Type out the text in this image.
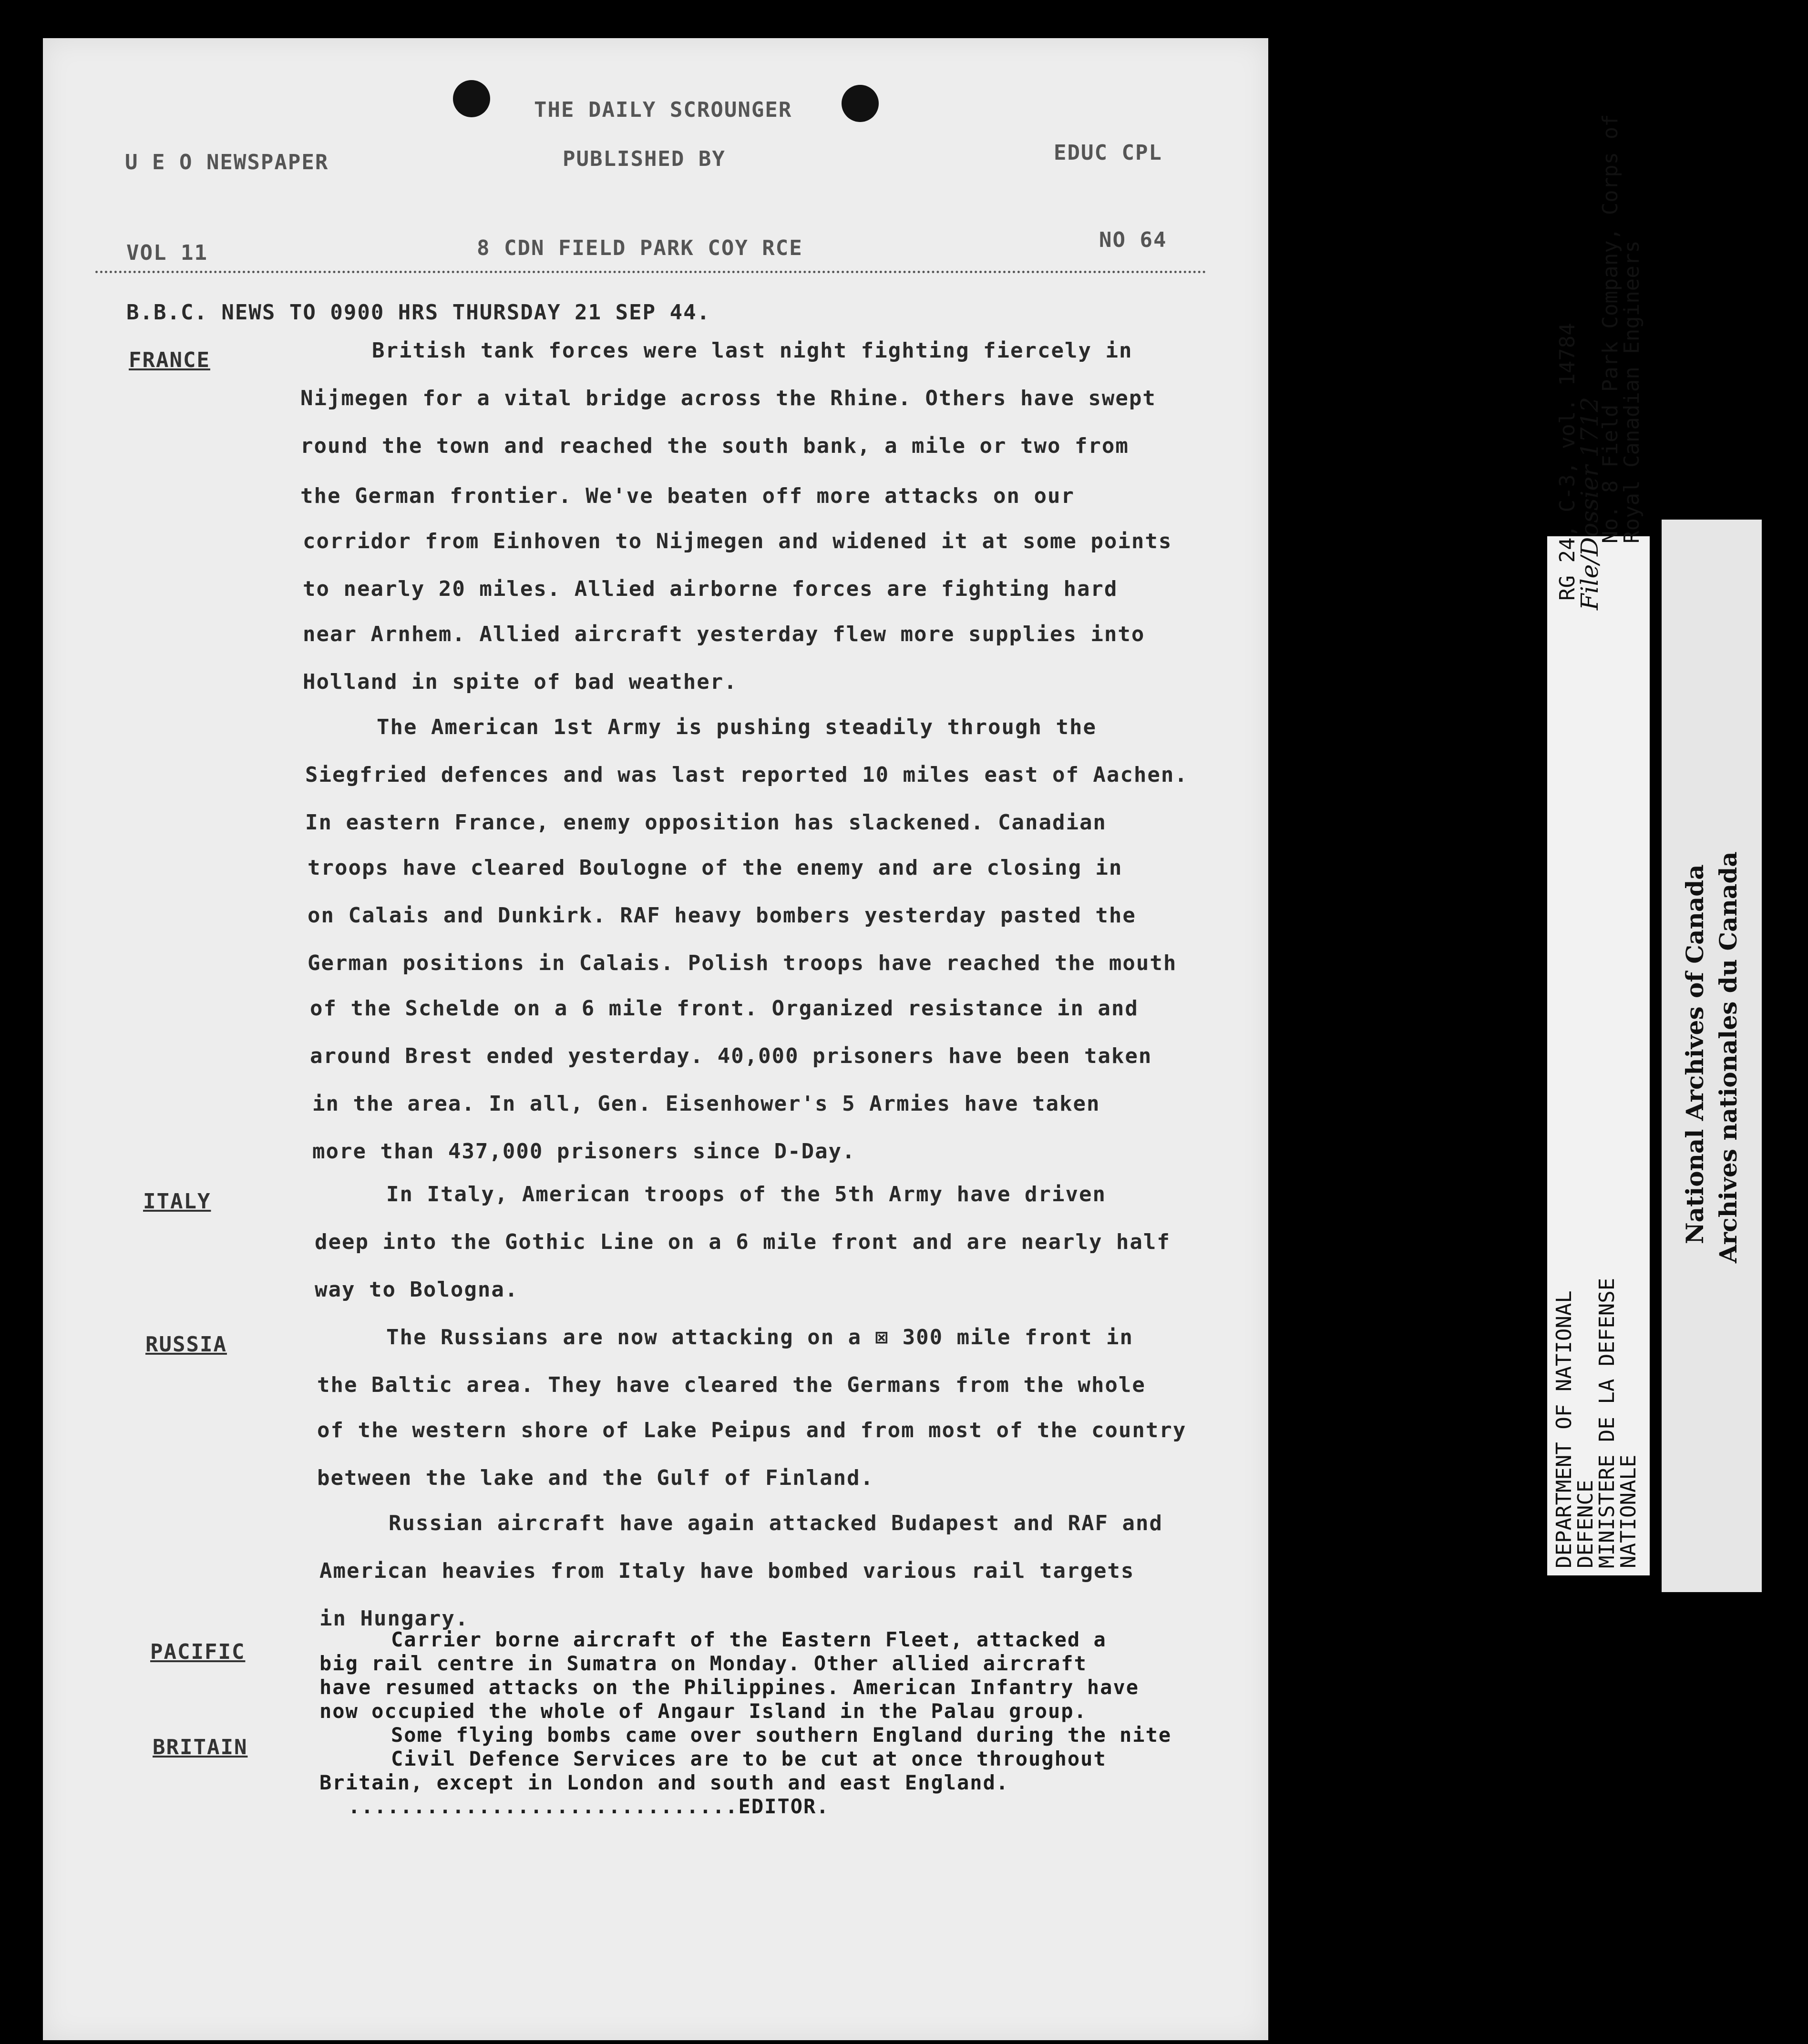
THE DAILY SCROUNGER
U E O NEWSPAPER	PUBLISHED BY	EDUC CPL
VOL 11	8 CDN FIELD PARK COY RCE	NO 64
B.B.C. NEWS TO 0900 HRS THURSDAY 21 SEP 44.
FRANCE	British tank forces were last night fighting fiercely in
Nijmegen for a vital bridge across the Rhine. Others have swept
round the town and reached the south bank, a mile or two from
the German frontier. We've beaten off more attacks on our
corridor from Einhoven to Nijmegen and widened it at some points
to nearly 20 miles. Allied airborne forces are fighting hard
near Arnhem. Allied aircraft yesterday flew more supplies into
Holland in spite of bad weather.
The American 1st Army is pushing steadily through the
Siegfried defences and was last reported 10 miles east of Aachen.
In eastern France, enemy opposition has slackened. Canadian
troops have cleared Boulogne of the enemy and are closing in
on Calais and Dunkirk. RAF heavy bombers yesterday pasted the
German positions in Calais. Polish troops have reached the mouth
of the Schelde on a 6 mile front. Organized resistance in and
around Brest ended yesterday. 40,000 prisoners have been taken
in the area. In all, Gen. Eisenhower's 5 Armies have taken
more than 437,000 prisoners since D-Day.
ITALY	In Italy, American troops of the 5th Army have driven
deep into the Gothic Line on a 6 mile front and are nearly half
way to Bologna.
RUSSIA	The Russians are now attacking on a ⊠ 300 mile front in
the Baltic area. They have cleared the Germans from the whole
of the western shore of Lake Peipus and from most of the country
between the lake and the Gulf of Finland.
Russian aircraft have again attacked Budapest and RAF and
American heavies from Italy have bombed various rail targets
in Hungary.
PACIFIC
Carrier borne aircraft of the Eastern Fleet, attacked a
big rail centre in Sumatra on Monday. Other allied aircraft
have resumed attacks on the Philippines. American Infantry have
now occupied the whole of Angaur Island in the Palau group.
BRITAIN
Some flying bombs came over southern England during the nite
Civil Defence Services are to be cut at once throughout
Britain, except in London and south and east England.
..............................EDITOR.
DEPARTMENT OF NATIONAL
DEFENCE
MINISTERE DE LA DEFENSE
NATIONALE
RG 24, C-3, vol. 14784
File/Dossier 1712
No. 8 Field Park Company, Corps of
Royal Canadian Engineers
National Archives of Canada Archives nationales du Canada
